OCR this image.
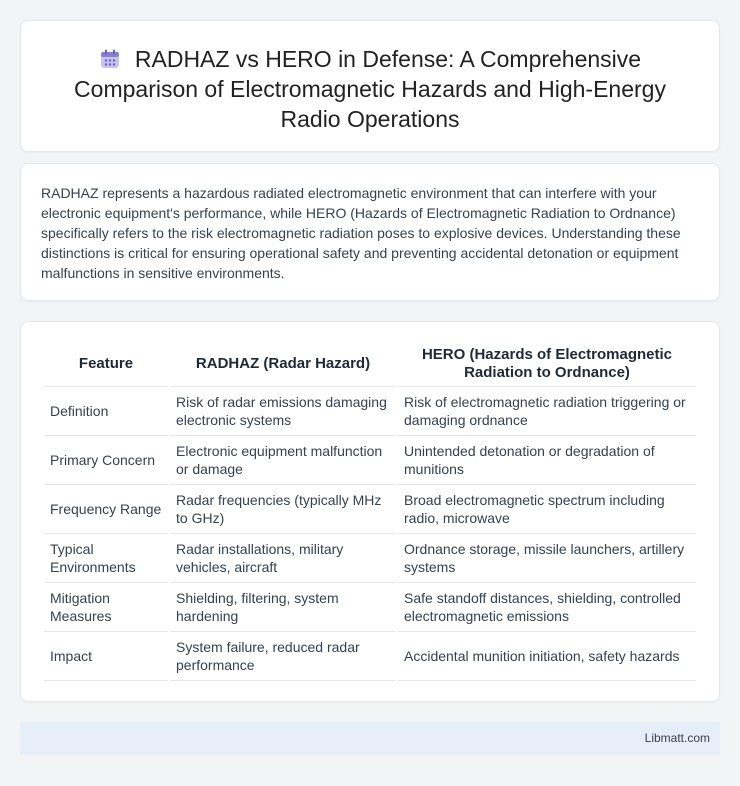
RADHAZ vs HERO in Defense: A Comprehensive Comparison of Electromagnetic Hazards and High-Energy Radio Operations

RADHAZ represents a hazardous radiated electromagnetic environment that can interfere with your electronic equipment's performance, while HERO (Hazards of Electromagnetic Radiation to Ordnance) specifically refers to the risk electromagnetic radiation poses to explosive devices. Understanding these distinctions is critical for ensuring operational safety and preventing accidental detonation or equipment malfunctions in sensitive environments.

Feature	RADHAZ (Radar Hazard)	HERO (Hazards of Electromagnetic Radiation to Ordnance)
Definition	Risk of radar emissions damaging electronic systems	Risk of electromagnetic radiation triggering or damaging ordnance
Primary Concern	Electronic equipment malfunction or damage	Unintended detonation or degradation of munitions
Frequency Range	Radar frequencies (typically MHz to GHz)	Broad electromagnetic spectrum including radio, microwave
Typical Environments	Radar installations, military vehicles, aircraft	Ordnance storage, missile launchers, artillery systems
Mitigation Measures	Shielding, filtering, system hardening	Safe standoff distances, shielding, controlled electromagnetic emissions
Impact	System failure, reduced radar performance	Accidental munition initiation, safety hazards
Libmatt.com
